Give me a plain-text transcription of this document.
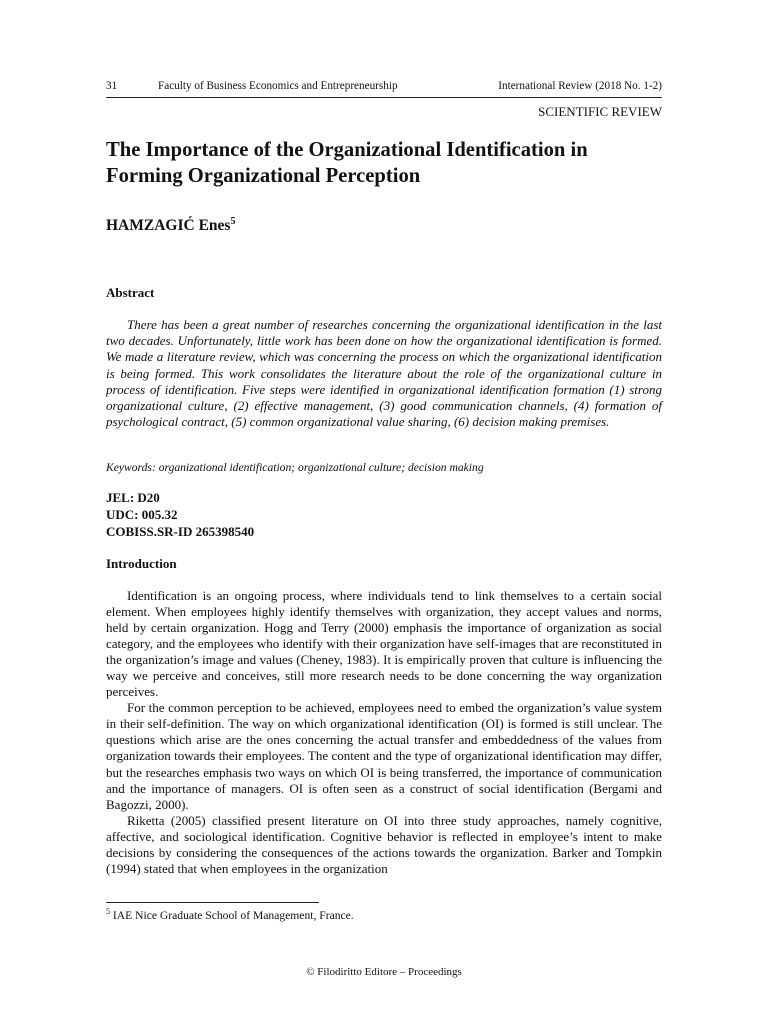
31	Faculty of Business Economics and Entrepreneurship	International Review (2018 No. 1-2)
SCIENTIFIC REVIEW
The Importance of the Organizational Identification in Forming Organizational Perception
HAMZAGIĆ Enes$^5$
Abstract

There has been a great number of researches concerning the organizational identification in the last two decades. Unfortunately, little work has been done on how the organizational identification is formed. We made a literature review, which was concerning the process on which the organizational identification is being formed. This work consolidates the literature about the role of the organizational culture in process of identification. Five steps were identified in organizational identification formation (1) strong organizational culture, (2) effective management, (3) good communication channels, (4) formation of psychological contract, (5) common organizational value sharing, (6) decision making premises.

Keywords: organizational identification; organizational culture; decision making
JEL: D20
UDC: 005.32
COBISS.SR-ID 265398540
Introduction

Identification is an ongoing process, where individuals tend to link themselves to a certain social element. When employees highly identify themselves with organization, they accept values and norms, held by certain organization. Hogg and Terry (2000) emphasis the importance of organization as social category, and the employees who identify with their organization have self-images that are reconstituted in the organization’s image and values (Cheney, 1983). It is empirically proven that culture is influencing the way we perceive and conceives, still more research needs to be done concerning the way organization perceives.

For the common perception to be achieved, employees need to embed the organization’s value system in their self-definition. The way on which organizational identification (OI) is formed is still unclear. The questions which arise are the ones concerning the actual transfer and embeddedness of the values from organization towards their employees. The content and the type of organizational identification may differ, but the researches emphasis two ways on which OI is being transferred, the importance of communication and the importance of managers. OI is often seen as a construct of social identification (Bergami and Bagozzi, 2000).

Riketta (2005) classified present literature on OI into three study approaches, namely cognitive, affective, and sociological identification. Cognitive behavior is reflected in employee’s intent to make decisions by considering the consequences of the actions towards the organization. Barker and Tompkin (1994) stated that when employees in the organization

$^5$ IAE Nice Graduate School of Management, France.
© Filodiritto Editore – Proceedings
